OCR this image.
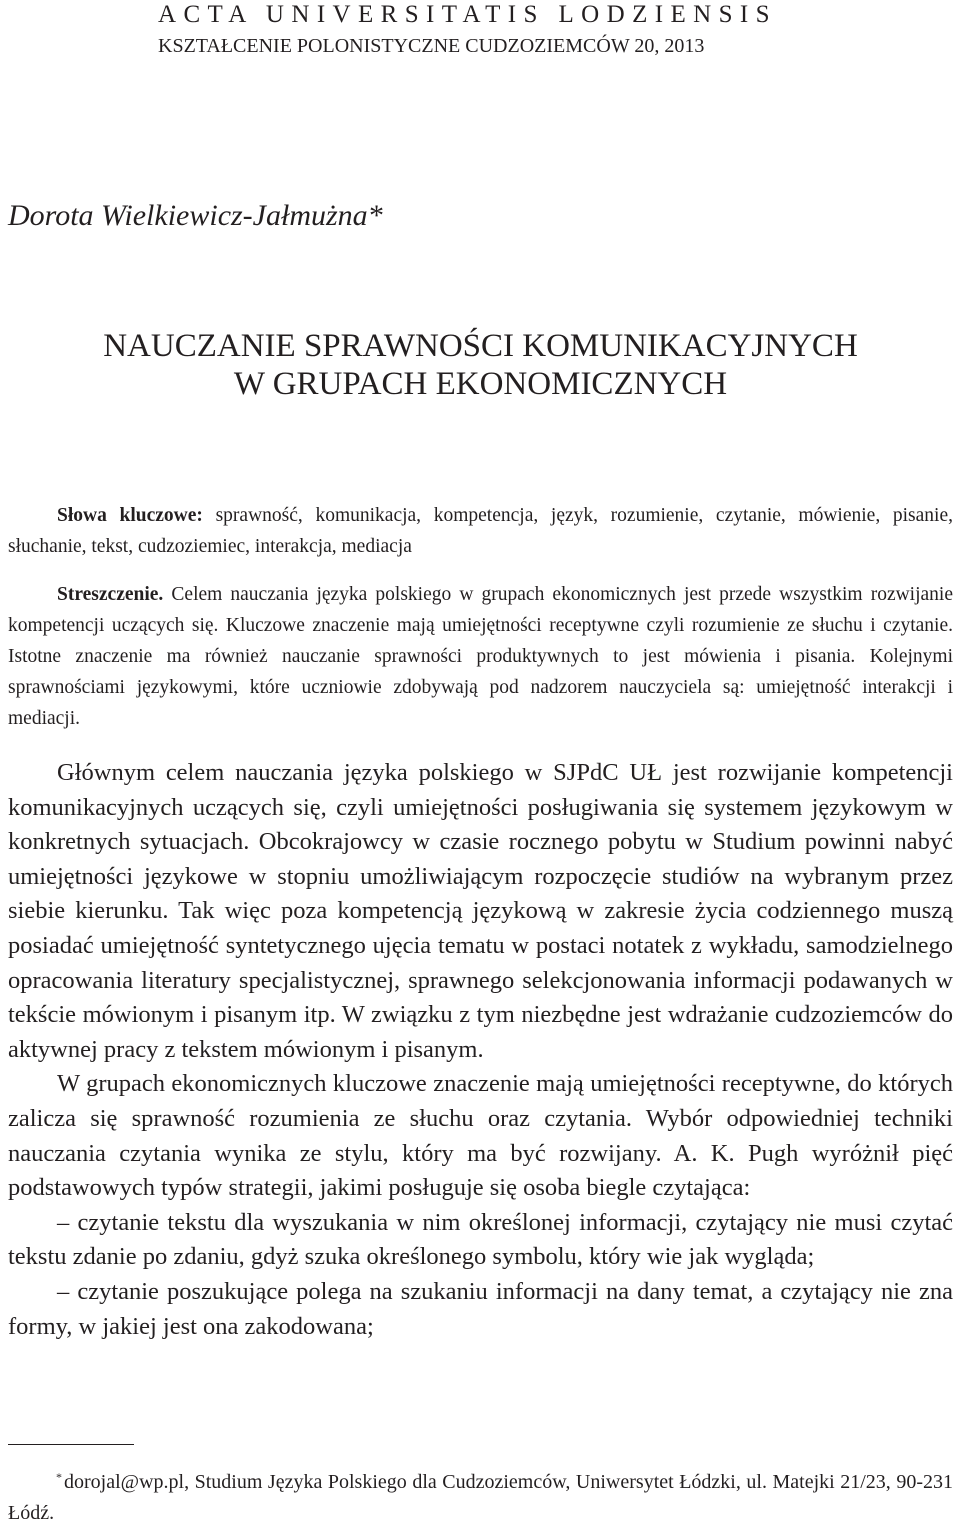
ACTA UNIVERSITATIS LODZIENSIS
KSZTAŁCENIE POLONISTYCZNE CUDZOZIEMCÓW 20, 2013
Dorota Wielkiewicz-Jałmużna*
NAUCZANIE SPRAWNOŚCI KOMUNIKACYJNYCH
W GRUPACH EKONOMICZNYCH
Słowa kluczowe: sprawność, komunikacja, kompetencja, język, rozumienie, czytanie, mówienie, pisanie, słuchanie, tekst, cudzoziemiec, interakcja, mediacja
Streszczenie. Celem nauczania języka polskiego w grupach ekonomicznych jest przede wszystkim rozwijanie kompetencji uczących się. Kluczowe znaczenie mają umiejętności receptywne czyli rozumienie ze słuchu i czytanie. Istotne znaczenie ma również nauczanie sprawności produktywnych to jest mówienia i pisania. Kolejnymi sprawnościami językowymi, które uczniowie zdobywają pod nadzorem nauczyciela są: umiejętność interakcji i mediacji.

Głównym celem nauczania języka polskiego w SJPdC UŁ jest rozwijanie kompetencji komunikacyjnych uczących się, czyli umiejętności posługiwania się systemem językowym w konkretnych sytuacjach. Obcokrajowcy w czasie rocznego pobytu w Studium powinni nabyć umiejętności językowe w stopniu umożliwiającym rozpoczęcie studiów na wybranym przez siebie kierunku. Tak więc poza kompetencją językową w zakresie życia codziennego muszą posiadać umiejętność syntetycznego ujęcia tematu w postaci notatek z wykładu, samodzielnego opracowania literatury specjalistycznej, sprawnego selekcjonowania informacji podawanych w tekście mówionym i pisanym itp. W związku z tym niezbędne jest wdrażanie cudzoziemców do aktywnej pracy z tekstem mówionym i pisanym.

W grupach ekonomicznych kluczowe znaczenie mają umiejętności receptywne, do których zalicza się sprawność rozumienia ze słuchu oraz czytania. Wybór odpowiedniej techniki nauczania czytania wynika ze stylu, który ma być rozwijany. A. K. Pugh wyróżnił pięć podstawowych typów strategii, jakimi posługuje się osoba biegle czytająca:

– czytanie tekstu dla wyszukania w nim określonej informacji, czytający nie musi czytać tekstu zdanie po zdaniu, gdyż szuka określonego symbolu, który wie jak wygląda;

– czytanie poszukujące polega na szukaniu informacji na dany temat, a czytający nie zna formy, w jakiej jest ona zakodowana;

* dorojal@wp.pl, Studium Języka Polskiego dla Cudzoziemców, Uniwersytet Łódzki, ul. Matejki 21/23, 90-231 Łódź.
